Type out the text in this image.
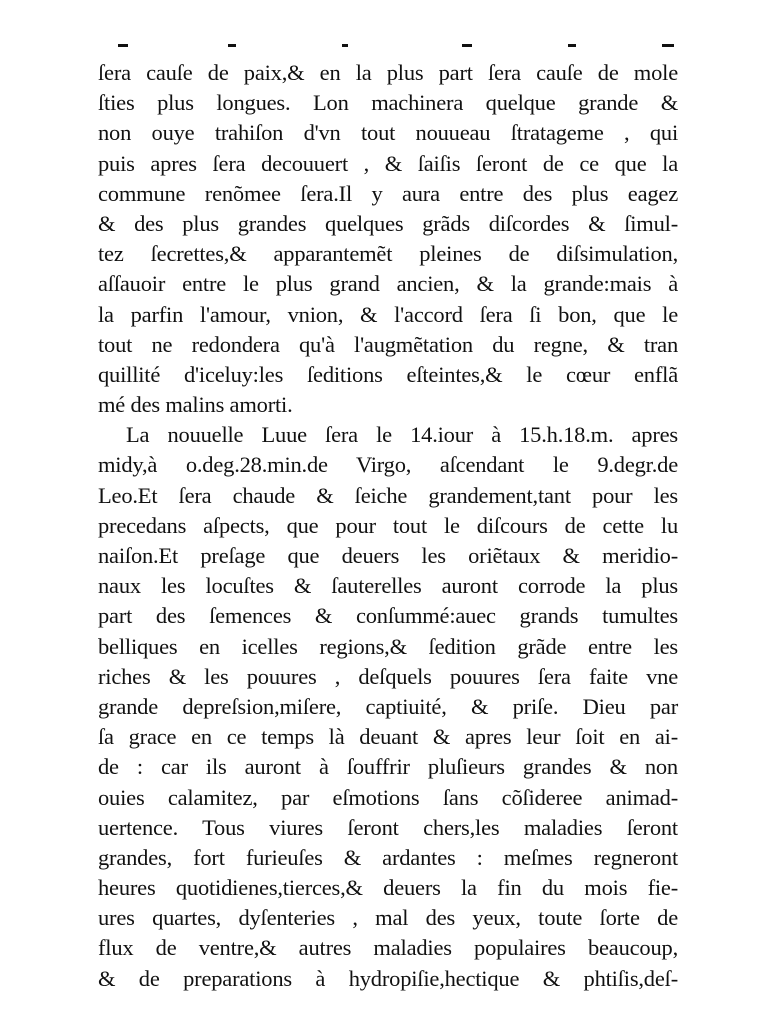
ſera cauſe de paix,& en la plus part ſera cauſe de mole
ſties plus longues. Lon machinera quelque grande &
non ouye trahiſon d'vn tout nouueau ſtratageme , qui
puis apres ſera decouuert , & ſaiſis ſeront de ce que la
commune renõmee ſera.Il y aura entre des plus eagez
& des plus grandes quelques grãds diſcordes & ſimul-
tez ſecrettes,& apparantemẽt pleines de diſsimulation,
aſſauoir entre le plus grand ancien, & la grande:mais à
la parfin l'amour, vnion, & l'accord ſera ſi bon, que le
tout ne redondera qu'à l'augmẽtation du regne, & tran
quillité d'iceluy:les ſeditions eſteintes,& le cœur enflã
mé des malins amorti.
La nouuelle Luue ſera le 14.iour à 15.h.18.m. apres
midy,à o.deg.28.min.de Virgo, aſcendant le 9.degr.de
Leo.Et ſera chaude & ſeiche grandement,tant pour les
precedans aſpects, que pour tout le diſcours de cette lu
naiſon.Et preſage que deuers les oriẽtaux & meridio-
naux les locuſtes & ſauterelles auront corrode la plus
part des ſemences & conſummé:auec grands tumultes
belliques en icelles regions,& ſedition grãde entre les
riches & les pouures , deſquels pouures ſera faite vne
grande depreſsion,miſere, captiuité, & priſe. Dieu par
ſa grace en ce temps là deuant & apres leur ſoit en ai-
de : car ils auront à ſouffrir pluſieurs grandes & non
ouies calamitez, par eſmotions ſans cõſideree animad-
uertence. Tous viures ſeront chers,les maladies ſeront
grandes, fort furieuſes & ardantes : meſmes regneront
heures quotidienes,tierces,& deuers la fin du mois fie-
ures quartes, dyſenteries , mal des yeux, toute ſorte de
flux de ventre,& autres maladies populaires beaucoup,
& de preparations à hydropiſie,hectique & phtiſis,deſ-
